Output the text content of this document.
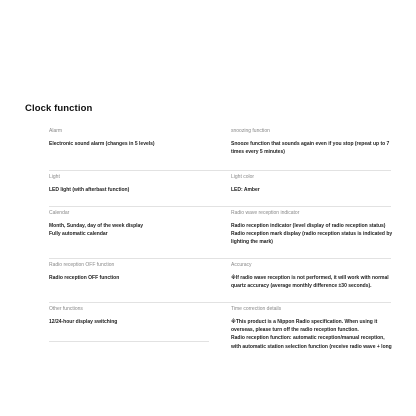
Clock function
Alarm
Electronic sound alarm (changes in 5 levels)
snoozing function
Snooze function that sounds again even if you stop (repeat up to 7
times every 5 minutes)
Light
LED light (with afterbast function)
Light color
LED: Amber
Calendar
Month, Sunday, day of the week display
Fully automatic calendar
Radio wave reception indicator
Radio reception indicator (level display of radio reception status)
Radio reception mark display (radio reception status is indicated by
lighting the mark)
Radio reception OFF function
Radio reception OFF function
Accuracy
※If radio wave reception is not performed, it will work with normal
quartz accuracy (average monthly difference ±30 seconds).
Other functions
12/24-hour display switching
Time correction details
※This product is a Nippon Radio specification. When using it
overseas, please turn off the radio reception function.
Radio reception function: automatic reception/manual reception,
with automatic station selection function (receive radio wave + long
